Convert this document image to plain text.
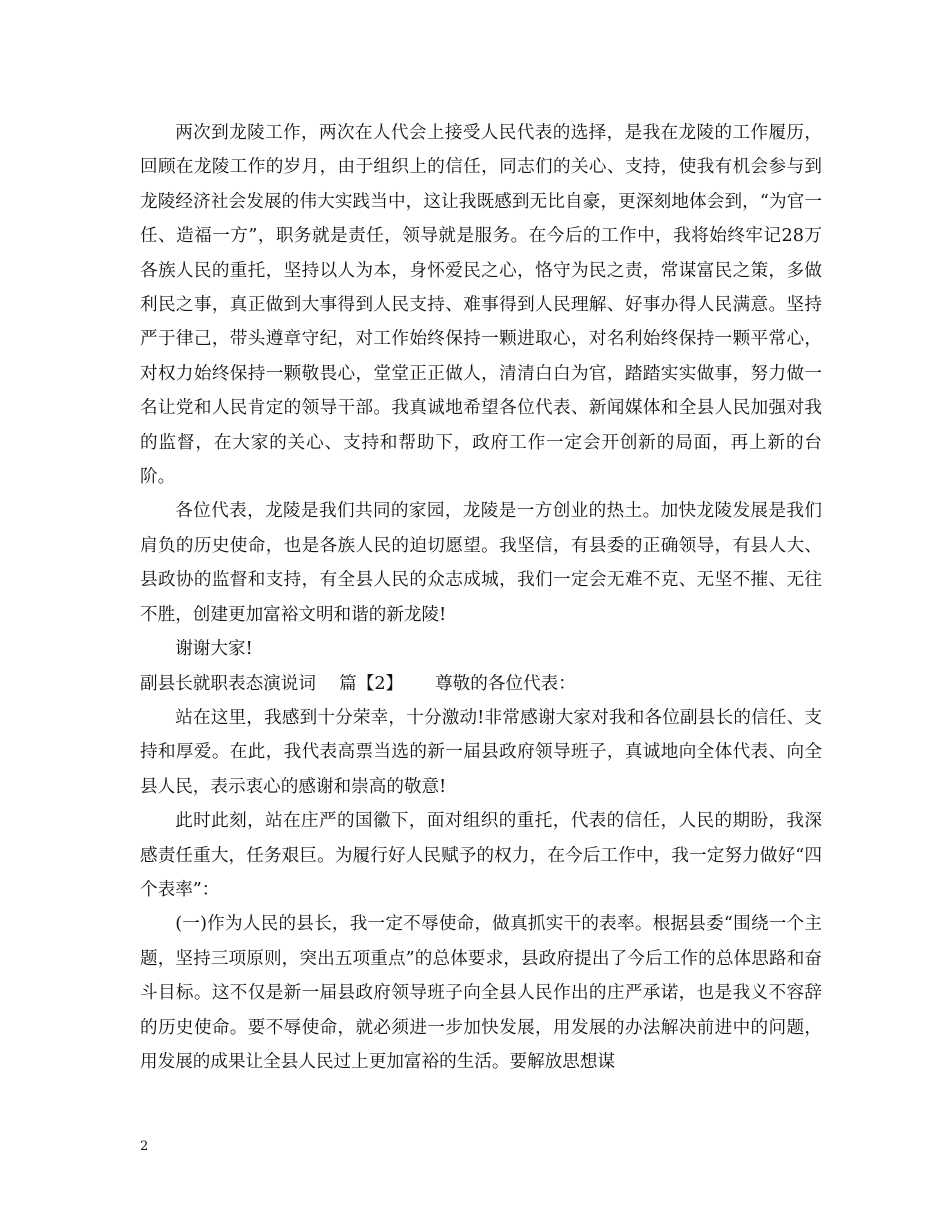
两次到龙陵工作，两次在人代会上接受人民代表的选择，是我在龙陵的工作履历，回顾在龙陵工作的岁月，由于组织上的信任，同志们的关心、支持，使我有机会参与到龙陵经济社会发展的伟大实践当中，这让我既感到无比自豪，更深刻地体会到，“为官一任、造福一方”，职务就是责任，领导就是服务。在今后的工作中，我将始终牢记28万各族人民的重托，坚持以人为本，身怀爱民之心，恪守为民之责，常谋富民之策，多做利民之事，真正做到大事得到人民支持、难事得到人民理解、好事办得人民满意。坚持严于律己，带头遵章守纪，对工作始终保持一颗进取心，对名利始终保持一颗平常心，对权力始终保持一颗敬畏心，堂堂正正做人，清清白白为官，踏踏实实做事，努力做一名让党和人民肯定的领导干部。我真诚地希望各位代表、新闻媒体和全县人民加强对我的监督，在大家的关心、支持和帮助下，政府工作一定会开创新的局面，再上新的台阶。

各位代表，龙陵是我们共同的家园，龙陵是一方创业的热土。加快龙陵发展是我们肩负的历史使命，也是各族人民的迫切愿望。我坚信，有县委的正确领导，有县人大、县政协的监督和支持，有全县人民的众志成城，我们一定会无难不克、无坚不摧、无往不胜，创建更加富裕文明和谐的新龙陵!

谢谢大家!

副县长就职表态演说词　 篇【2】　　 尊敬的各位代表：

站在这里，我感到十分荣幸，十分激动!非常感谢大家对我和各位副县长的信任、支持和厚爱。在此，我代表高票当选的新一届县政府领导班子，真诚地向全体代表、向全县人民，表示衷心的感谢和崇高的敬意!

此时此刻，站在庄严的国徽下，面对组织的重托，代表的信任，人民的期盼，我深感责任重大，任务艰巨。为履行好人民赋予的权力，在今后工作中，我一定努力做好“四个表率”：

(一)作为人民的县长，我一定不辱使命，做真抓实干的表率。根据县委“围绕一个主题，坚持三项原则，突出五项重点”的总体要求，县政府提出了今后工作的总体思路和奋斗目标。这不仅是新一届县政府领导班子向全县人民作出的庄严承诺，也是我义不容辞的历史使命。要不辱使命，就必须进一步加快发展，用发展的办法解决前进中的问题，用发展的成果让全县人民过上更加富裕的生活。要解放思想谋

2
